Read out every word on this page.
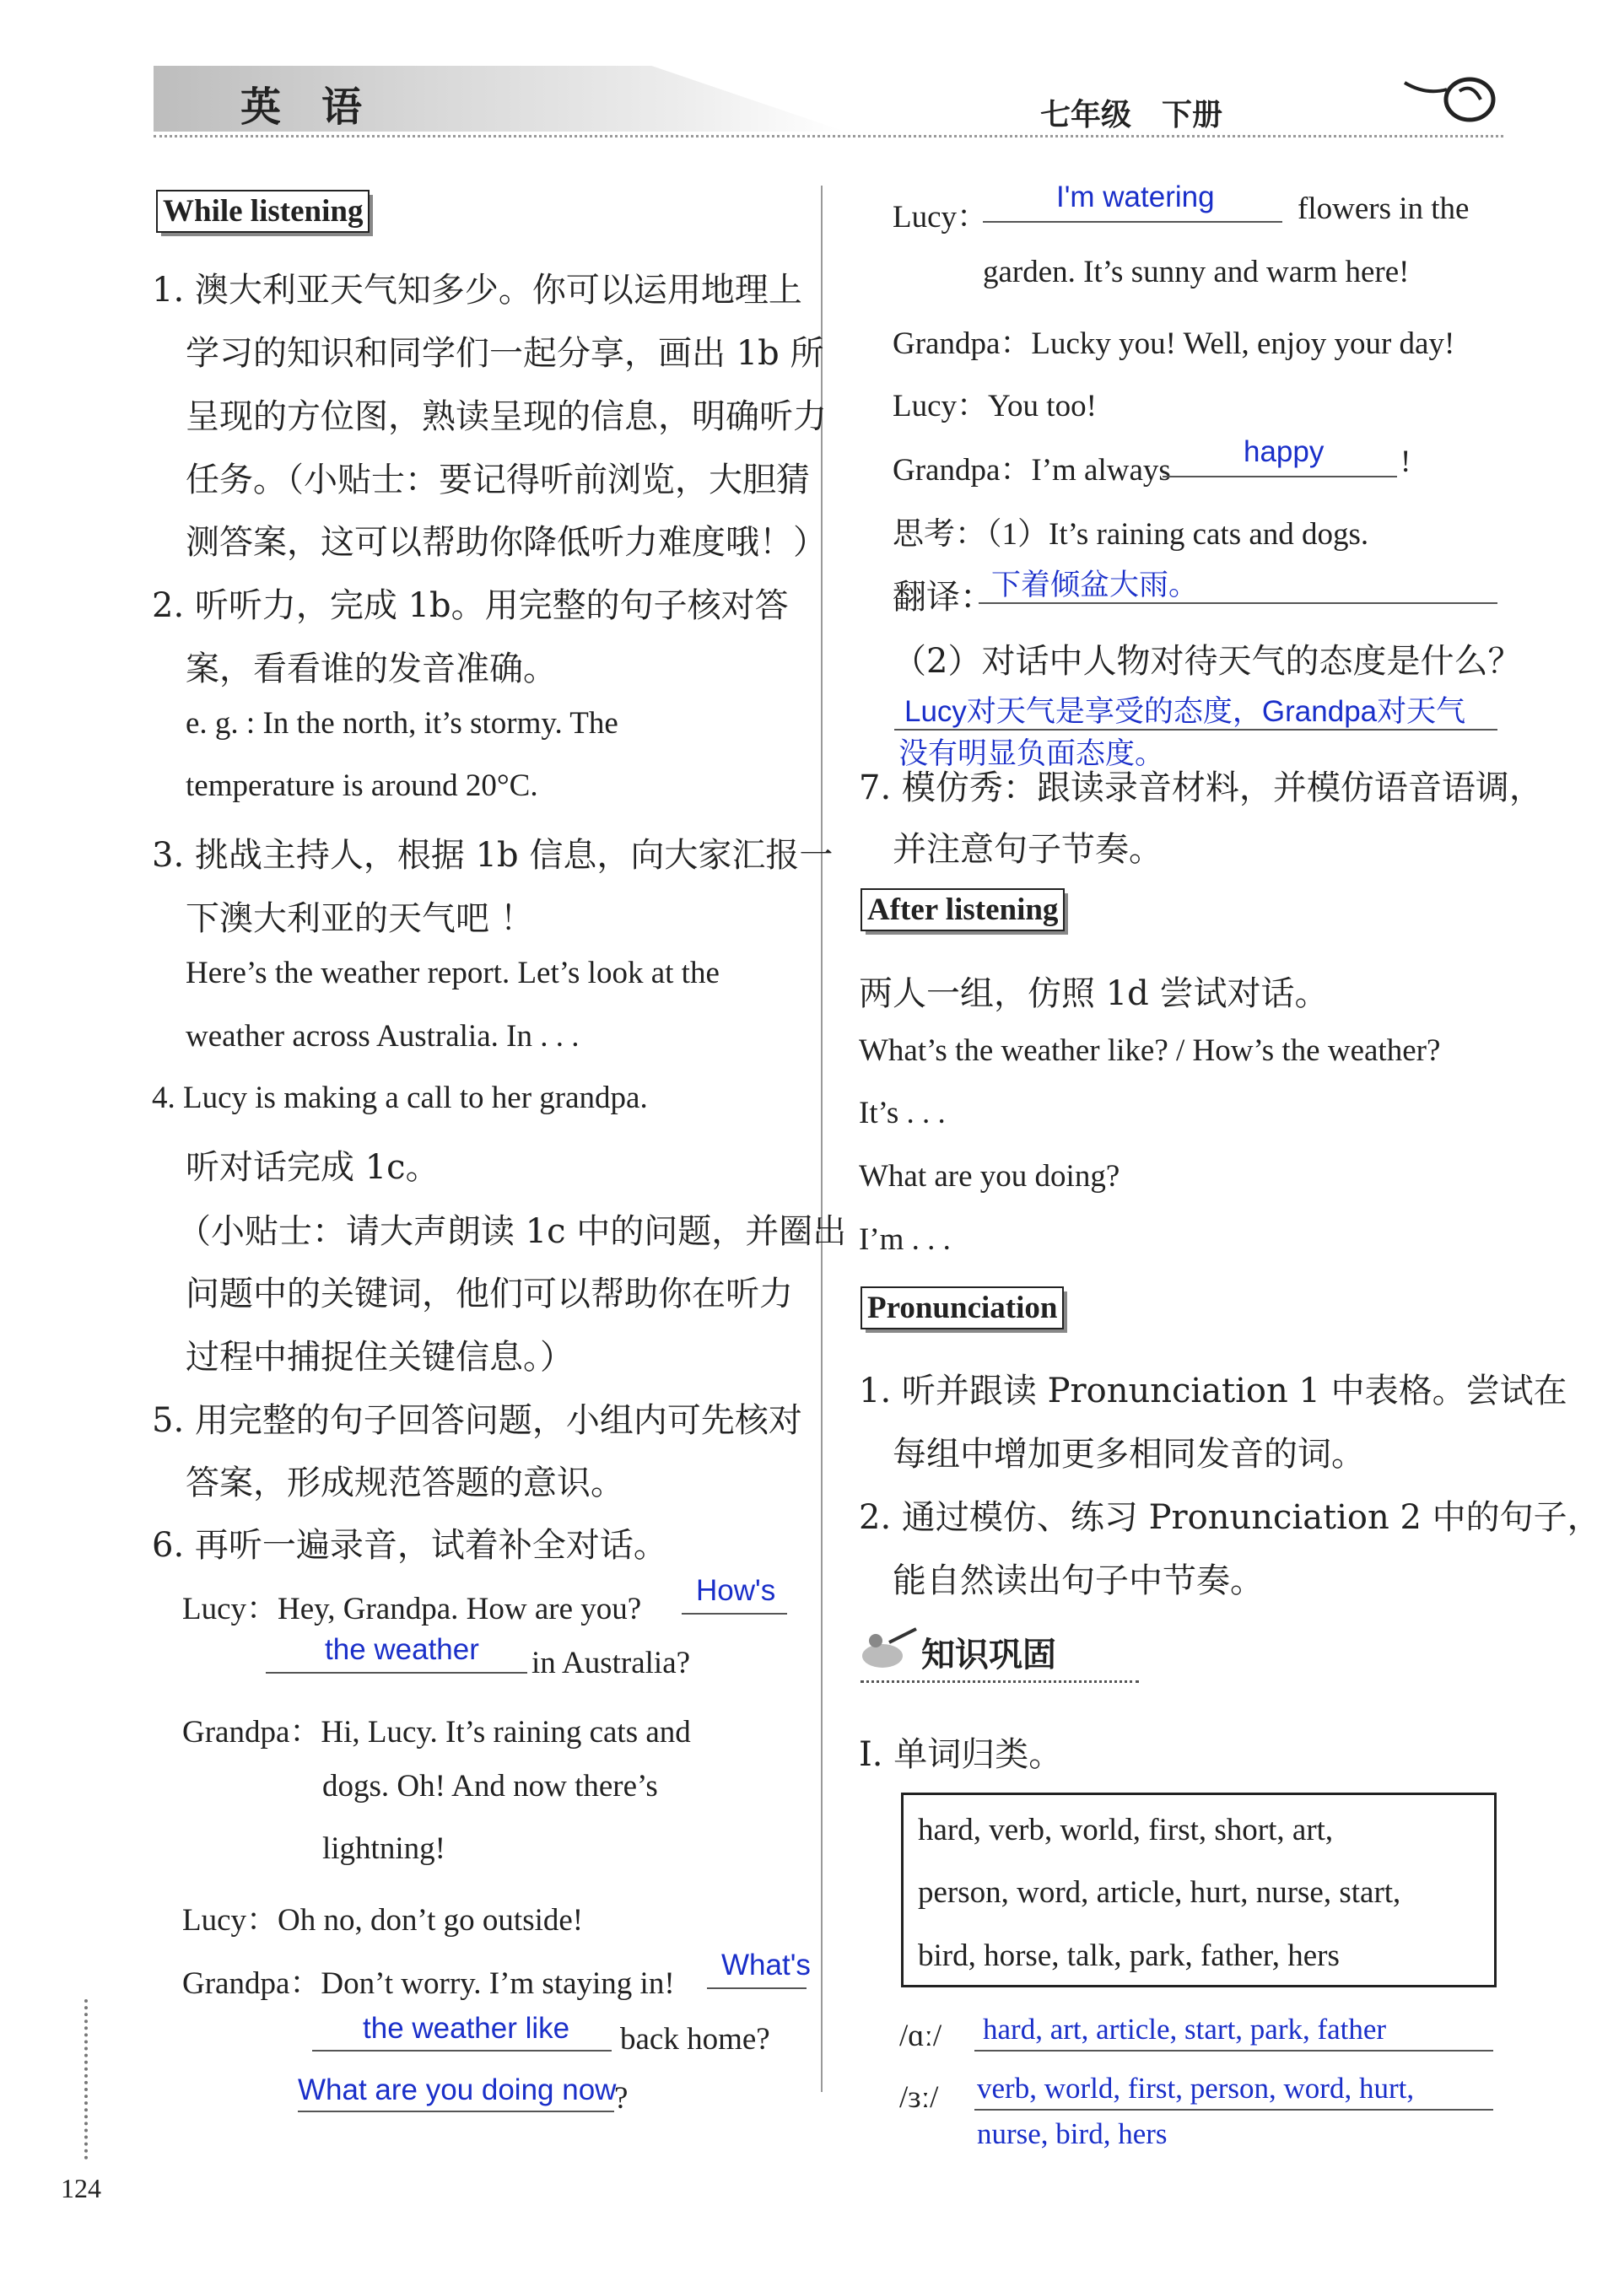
英　语	七年级　下册
While listening
1. 澳大利亚天气知多少。你可以运用地理上
学习的知识和同学们一起分享，画出 1b 所
呈现的方位图，熟读呈现的信息，明确听力
任务。（小贴士：要记得听前浏览，大胆猜
测答案，这可以帮助你降低听力难度哦！）
2. 听听力，完成 1b。用完整的句子核对答
案，看看谁的发音准确。
e. g. : In the north, it’s stormy. The
temperature is around 20°C.
3. 挑战主持人，根据 1b 信息，向大家汇报一
下澳大利亚的天气吧 ！
Here’s the weather report. Let’s look at the
weather across Australia. In . . .
4. Lucy is making a call to her grandpa.
听对话完成 1c。
（小贴士：请大声朗读 1c 中的问题，并圈出
问题中的关键词，他们可以帮助你在听力
过程中捕捉住关键信息。）
5. 用完整的句子回答问题，小组内可先核对
答案，形成规范答题的意识。
6. 再听一遍录音，试着补全对话。
Lucy：Hey, Grandpa. How are you?
How's
the weather in Australia?
Grandpa：Hi, Lucy. It’s raining cats and
dogs. Oh! And now there’s
lightning!
Lucy：Oh no, don’t go outside!
Grandpa：Don’t worry. I’m staying in!
What's
the weather like back home?
What are you doing now
?
124
Lucy：
I'm watering	flowers in the
garden. It’s sunny and warm here!
Grandpa：Lucky you! Well, enjoy your day!
Lucy：You too!
Grandpa：I’m always
happy !
思考：（1）It’s raining cats and dogs.
翻译：
下着倾盆大雨。
（2）对话中人物对待天气的态度是什么？
Lucy对天气是享受的态度，Grandpa对天气
没有明显负面态度。
7. 模仿秀：跟读录音材料，并模仿语音语调，
并注意句子节奏。
After listening
两人一组，仿照 1d 尝试对话。
What’s the weather like? / How’s the weather?
It’s . . .
What are you doing?
I’m . . .
Pronunciation
1. 听并跟读 Pronunciation 1 中表格。尝试在
每组中增加更多相同发音的词。
2. 通过模仿、练习 Pronunciation 2 中的句子，
能自然读出句子中节奏。
知识巩固
Ⅰ. 单词归类。
hard, verb, world, first, short, art,
person, word, article, hurt, nurse, start,
bird, horse, talk, park, father, hers
/ɑː/ hard, art, article, start, park, father
/ɜː/ verb, world, first, person, word, hurt,
nurse, bird, hers
